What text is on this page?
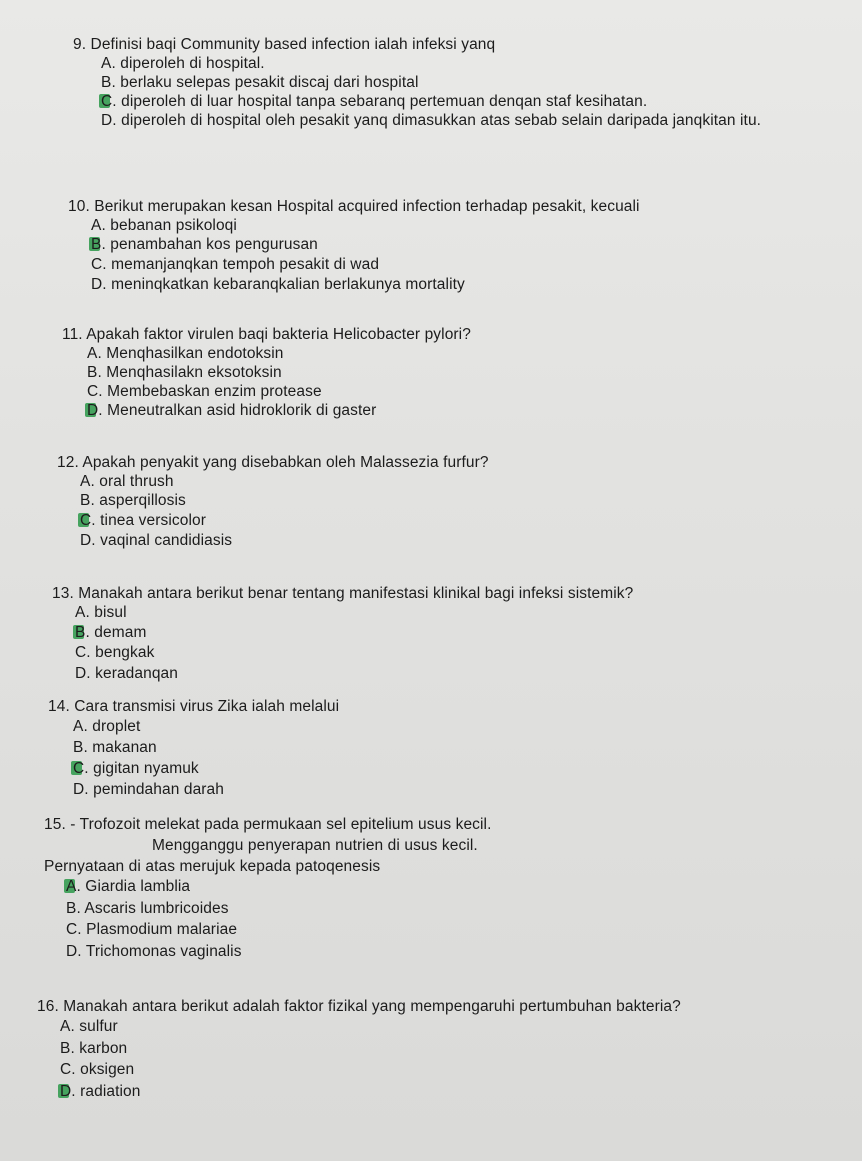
9. Definisi baqi Community based infection ialah infeksi yanq
A. diperoleh di hospital.
B. berlaku selepas pesakit discaj dari hospital
C. diperoleh di luar hospital tanpa sebaranq pertemuan denqan staf kesihatan.
D. diperoleh di hospital oleh pesakit yanq dimasukkan atas sebab selain daripada janqkitan itu.
10. Berikut merupakan kesan Hospital acquired infection terhadap pesakit, kecuali
A. bebanan psikoloqi
B. penambahan kos pengurusan
C. memanjanqkan tempoh pesakit di wad
D. meninqkatkan kebaranqkalian berlakunya mortality
11. Apakah faktor virulen baqi bakteria Helicobacter pylori?
A. Menqhasilkan endotoksin
B. Menqhasilakn eksotoksin
C. Membebaskan enzim protease
D. Meneutralkan asid hidroklorik di gaster
12. Apakah penyakit yang disebabkan oleh Malassezia furfur?
A. oral thrush
B. asperqillosis
C. tinea versicolor
D. vaqinal candidiasis
13. Manakah antara berikut benar tentang manifestasi klinikal bagi infeksi sistemik?
A. bisul
B. demam
C. bengkak
D. keradanqan
14. Cara transmisi virus Zika ialah melalui
A. droplet
B. makanan
C. gigitan nyamuk
D. pemindahan darah
15. - Trofozoit melekat pada permukaan sel epitelium usus kecil.
Mengganggu penyerapan nutrien di usus kecil.
Pernyataan di atas merujuk kepada patoqenesis
A. Giardia lamblia
B. Ascaris lumbricoides
C. Plasmodium malariae
D. Trichomonas vaginalis
16. Manakah antara berikut adalah faktor fizikal yang mempengaruhi pertumbuhan bakteria?
A. sulfur
B. karbon
C. oksigen
D. radiation
